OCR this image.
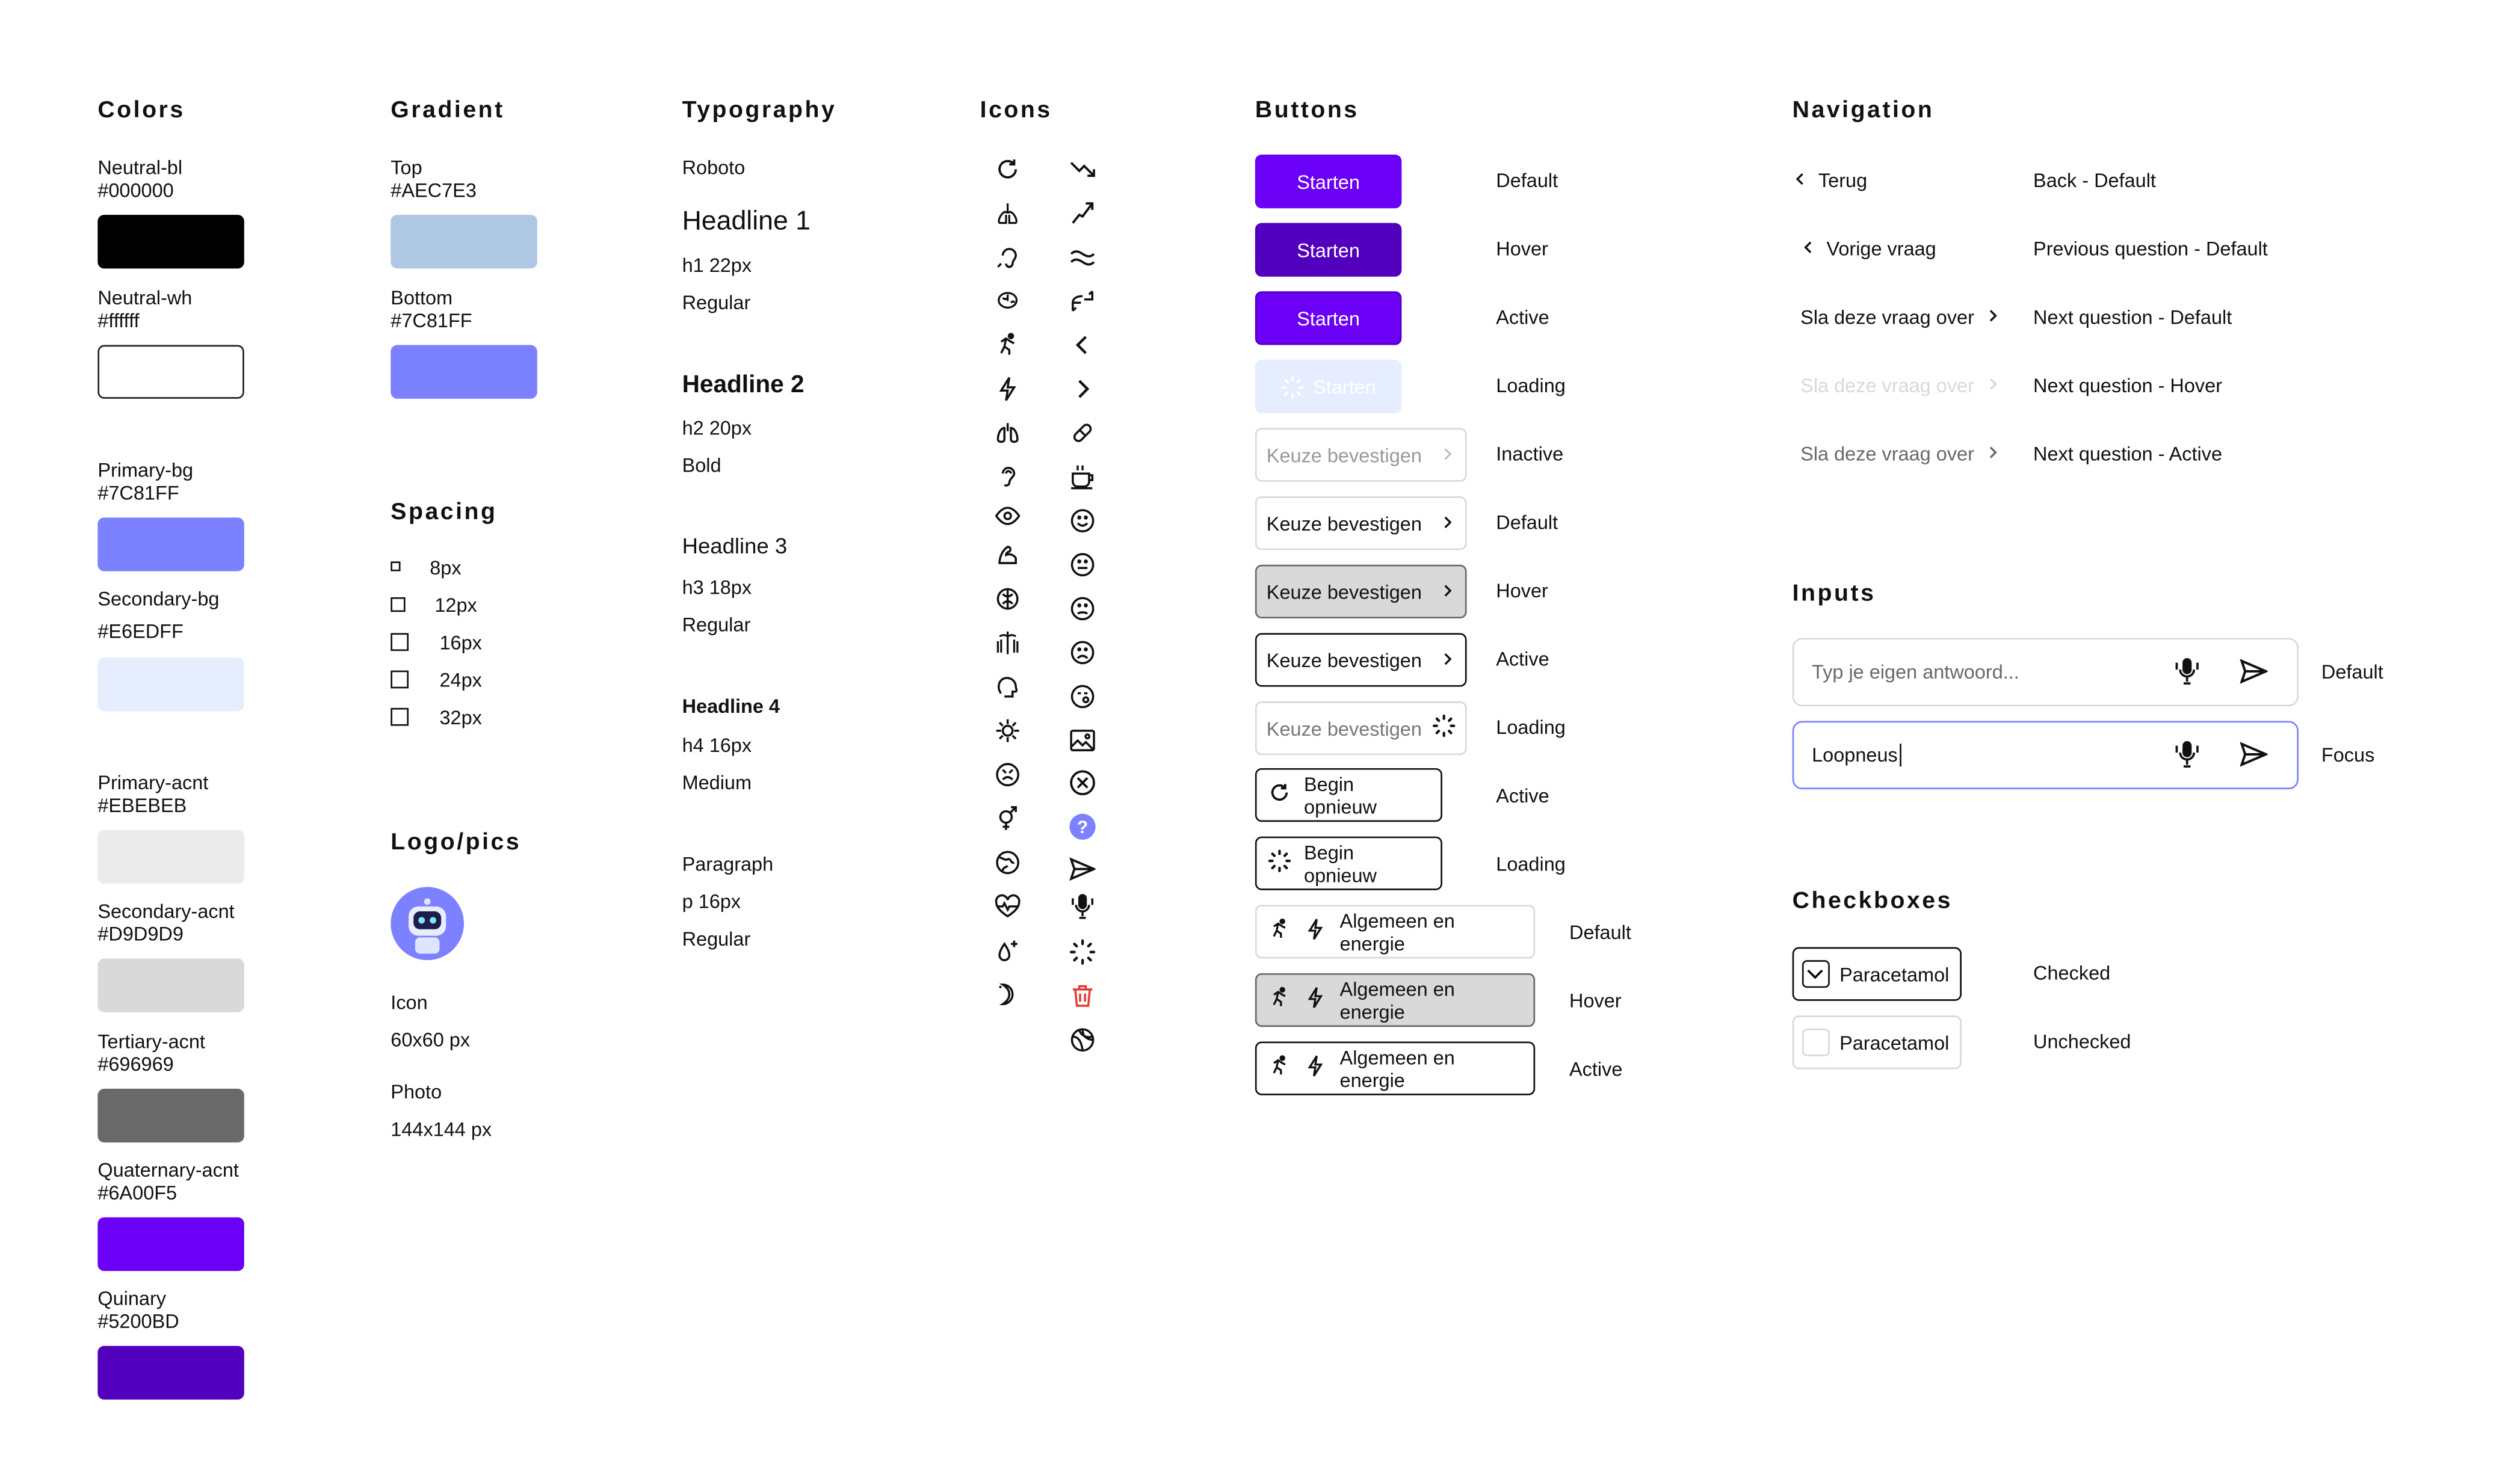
Colors
Neutral-bl
#000000
Neutral-wh
#ffffff
Primary-bg
#7C81FF
Secondary-bg
#E6EDFF
Primary-acnt
#EBEBEB
Secondary-acnt
#D9D9D9
Tertiary-acnt
#696969
Quaternary-acnt
#6A00F5
Quinary
#5200BD
Gradient
Top
#AEC7E3
Bottom
#7C81FF
Spacing
8px
12px
16px
24px
32px
Logo/pics
Icon
60x60 px
Photo
144x144 px
Typography
Roboto
Headline 1
h1 22px
Regular
Headline 2
h2 20px
Bold
Headline 3
h3 18px
Regular
Headline 4
h4 16px
Medium
Paragraph
p 16px
Regular
Icons
?
Buttons
Starten	Default
Starten	Hover
Starten	Active
Starten	Loading
Keuze bevestigen	Inactive
Keuze bevestigen	Default
Keuze bevestigen	Hover
Keuze bevestigen	Active
Keuze bevestigen	Loading
Begin opnieuw	Active
Begin opnieuw	Loading
Algemeen en energie	Default
Algemeen en energie	Hover
Algemeen en energie	Active
Navigation
Terug	Back - Default
Vorige vraag	Previous question - Default
Sla deze vraag over	Next question - Default
Sla deze vraag over	Next question - Hover
Sla deze vraag over	Next question - Active
Inputs
Typ je eigen antwoord...	Default
Loopneus	Focus
Checkboxes
Paracetamol	Checked
Paracetamol	Unchecked
